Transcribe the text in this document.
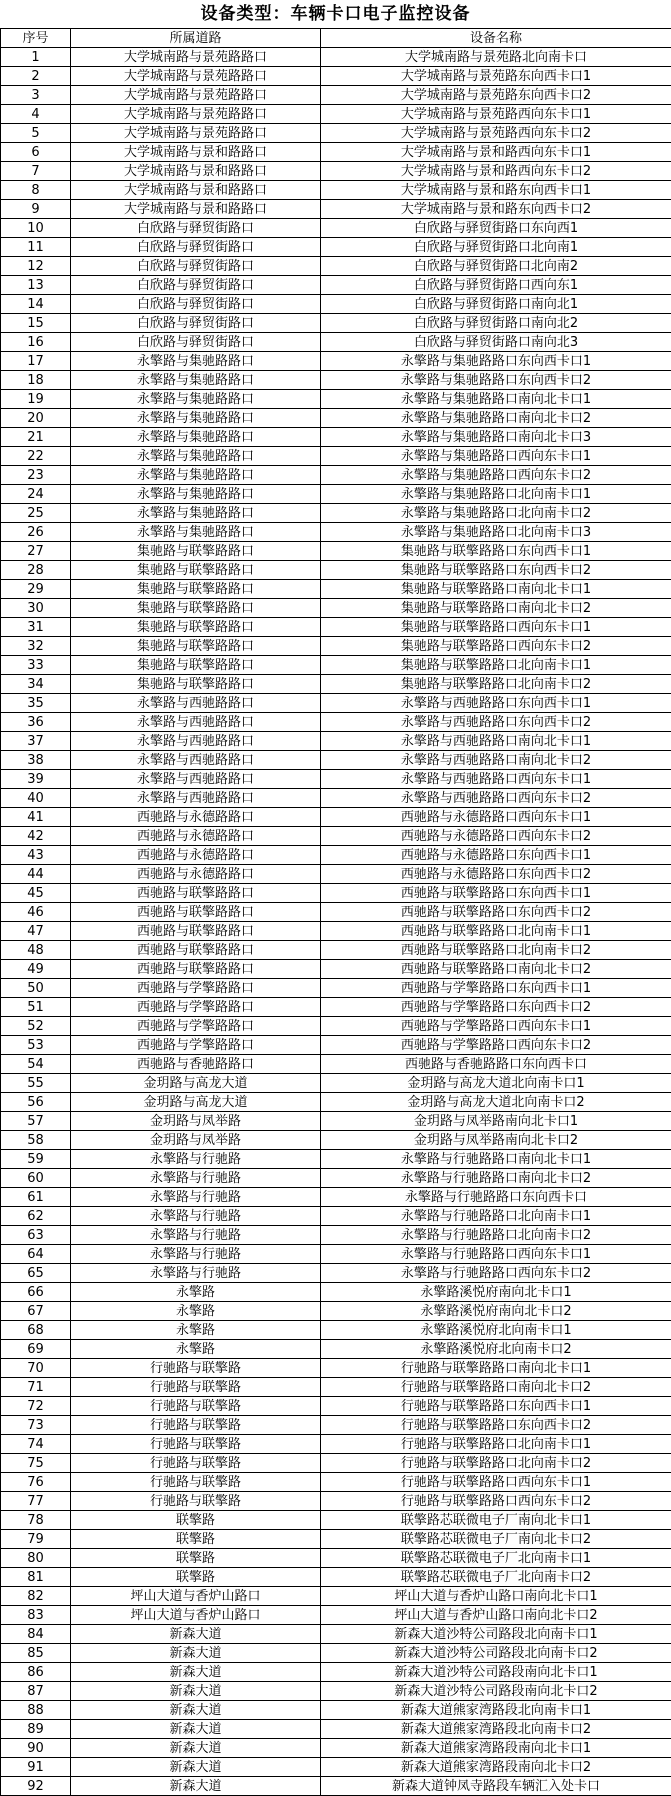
设备类型：车辆卡口电子监控设备
序号	所属道路	设备名称
1	大学城南路与景苑路路口	大学城南路与景苑路北向南卡口
2	大学城南路与景苑路路口	大学城南路与景苑路东向西卡口1
3	大学城南路与景苑路路口	大学城南路与景苑路东向西卡口2
4	大学城南路与景苑路路口	大学城南路与景苑路西向东卡口1
5	大学城南路与景苑路路口	大学城南路与景苑路西向东卡口2
6	大学城南路与景和路路口	大学城南路与景和路西向东卡口1
7	大学城南路与景和路路口	大学城南路与景和路西向东卡口2
8	大学城南路与景和路路口	大学城南路与景和路东向西卡口1
9	大学城南路与景和路路口	大学城南路与景和路东向西卡口2
10	白欣路与驿贸街路口	白欣路与驿贸街路口东向西1
11	白欣路与驿贸街路口	白欣路与驿贸街路口北向南1
12	白欣路与驿贸街路口	白欣路与驿贸街路口北向南2
13	白欣路与驿贸街路口	白欣路与驿贸街路口西向东1
14	白欣路与驿贸街路口	白欣路与驿贸街路口南向北1
15	白欣路与驿贸街路口	白欣路与驿贸街路口南向北2
16	白欣路与驿贸街路口	白欣路与驿贸街路口南向北3
17	永擎路与集驰路路口	永擎路与集驰路路口东向西卡口1
18	永擎路与集驰路路口	永擎路与集驰路路口东向西卡口2
19	永擎路与集驰路路口	永擎路与集驰路路口南向北卡口1
20	永擎路与集驰路路口	永擎路与集驰路路口南向北卡口2
21	永擎路与集驰路路口	永擎路与集驰路路口南向北卡口3
22	永擎路与集驰路路口	永擎路与集驰路路口西向东卡口1
23	永擎路与集驰路路口	永擎路与集驰路路口西向东卡口2
24	永擎路与集驰路路口	永擎路与集驰路路口北向南卡口1
25	永擎路与集驰路路口	永擎路与集驰路路口北向南卡口2
26	永擎路与集驰路路口	永擎路与集驰路路口北向南卡口3
27	集驰路与联擎路路口	集驰路与联擎路路口东向西卡口1
28	集驰路与联擎路路口	集驰路与联擎路路口东向西卡口2
29	集驰路与联擎路路口	集驰路与联擎路路口南向北卡口1
30	集驰路与联擎路路口	集驰路与联擎路路口南向北卡口2
31	集驰路与联擎路路口	集驰路与联擎路路口西向东卡口1
32	集驰路与联擎路路口	集驰路与联擎路路口西向东卡口2
33	集驰路与联擎路路口	集驰路与联擎路路口北向南卡口1
34	集驰路与联擎路路口	集驰路与联擎路路口北向南卡口2
35	永擎路与西驰路路口	永擎路与西驰路路口东向西卡口1
36	永擎路与西驰路路口	永擎路与西驰路路口东向西卡口2
37	永擎路与西驰路路口	永擎路与西驰路路口南向北卡口1
38	永擎路与西驰路路口	永擎路与西驰路路口南向北卡口2
39	永擎路与西驰路路口	永擎路与西驰路路口西向东卡口1
40	永擎路与西驰路路口	永擎路与西驰路路口西向东卡口2
41	西驰路与永德路路口	西驰路与永德路路口西向东卡口1
42	西驰路与永德路路口	西驰路与永德路路口西向东卡口2
43	西驰路与永德路路口	西驰路与永德路路口东向西卡口1
44	西驰路与永德路路口	西驰路与永德路路口东向西卡口2
45	西驰路与联擎路路口	西驰路与联擎路路口东向西卡口1
46	西驰路与联擎路路口	西驰路与联擎路路口东向西卡口2
47	西驰路与联擎路路口	西驰路与联擎路路口北向南卡口1
48	西驰路与联擎路路口	西驰路与联擎路路口北向南卡口2
49	西驰路与联擎路路口	西驰路与联擎路路口南向北卡口2
50	西驰路与学擎路路口	西驰路与学擎路路口东向西卡口1
51	西驰路与学擎路路口	西驰路与学擎路路口东向西卡口2
52	西驰路与学擎路路口	西驰路与学擎路路口西向东卡口1
53	西驰路与学擎路路口	西驰路与学擎路路口西向东卡口2
54	西驰路与香驰路路口	西驰路与香驰路路口东向西卡口
55	金玥路与高龙大道	金玥路与高龙大道北向南卡口1
56	金玥路与高龙大道	金玥路与高龙大道北向南卡口2
57	金玥路与凤举路	金玥路与凤举路南向北卡口1
58	金玥路与凤举路	金玥路与凤举路南向北卡口2
59	永擎路与行驰路	永擎路与行驰路路口南向北卡口1
60	永擎路与行驰路	永擎路与行驰路路口南向北卡口2
61	永擎路与行驰路	永擎路与行驰路路口东向西卡口
62	永擎路与行驰路	永擎路与行驰路路口北向南卡口1
63	永擎路与行驰路	永擎路与行驰路路口北向南卡口2
64	永擎路与行驰路	永擎路与行驰路路口西向东卡口1
65	永擎路与行驰路	永擎路与行驰路路口西向东卡口2
66	永擎路	永擎路溪悦府南向北卡口1
67	永擎路	永擎路溪悦府南向北卡口2
68	永擎路	永擎路溪悦府北向南卡口1
69	永擎路	永擎路溪悦府北向南卡口2
70	行驰路与联擎路	行驰路与联擎路路口南向北卡口1
71	行驰路与联擎路	行驰路与联擎路路口南向北卡口2
72	行驰路与联擎路	行驰路与联擎路路口东向西卡口1
73	行驰路与联擎路	行驰路与联擎路路口东向西卡口2
74	行驰路与联擎路	行驰路与联擎路路口北向南卡口1
75	行驰路与联擎路	行驰路与联擎路路口北向南卡口2
76	行驰路与联擎路	行驰路与联擎路路口西向东卡口1
77	行驰路与联擎路	行驰路与联擎路路口西向东卡口2
78	联擎路	联擎路芯联微电子厂南向北卡口1
79	联擎路	联擎路芯联微电子厂南向北卡口2
80	联擎路	联擎路芯联微电子厂北向南卡口1
81	联擎路	联擎路芯联微电子厂北向南卡口2
82	坪山大道与香炉山路口	坪山大道与香炉山路口南向北卡口1
83	坪山大道与香炉山路口	坪山大道与香炉山路口南向北卡口2
84	新森大道	新森大道沙特公司路段北向南卡口1
85	新森大道	新森大道沙特公司路段北向南卡口2
86	新森大道	新森大道沙特公司路段南向北卡口1
87	新森大道	新森大道沙特公司路段南向北卡口2
88	新森大道	新森大道熊家湾路段北向南卡口1
89	新森大道	新森大道熊家湾路段北向南卡口2
90	新森大道	新森大道熊家湾路段南向北卡口1
91	新森大道	新森大道熊家湾路段南向北卡口2
92	新森大道	新森大道钟凤寺路段车辆汇入处卡口
